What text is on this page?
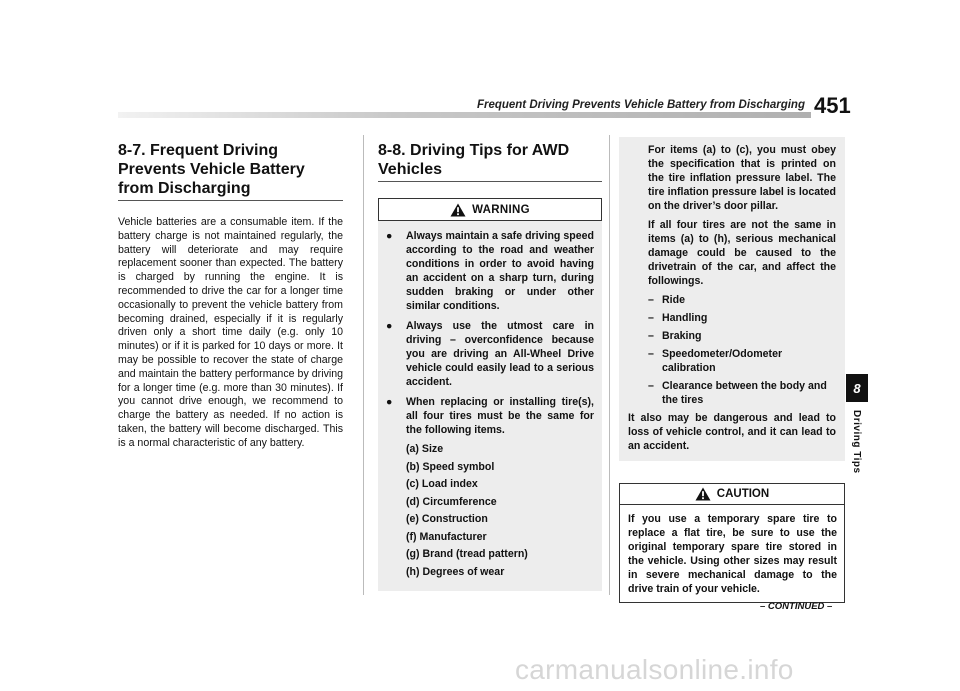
Frequent Driving Prevents Vehicle Battery from Discharging 451
8-7. Frequent Driving Prevents Vehicle Battery from Discharging
Vehicle batteries are a consumable item. If the battery charge is not maintained regularly, the battery will deteriorate and may require replacement sooner than expected. The battery is charged by running the engine. It is recommended to drive the car for a longer time occasionally to prevent the vehicle battery from becoming drained, especially if it is regularly driven only a short time daily (e.g. only 10 minutes) or if it is parked for 10 days or more. It may be possible to recover the state of charge and maintain the battery performance by driving for a longer time (e.g. more than 30 minutes). If you cannot drive enough, we recommend to charge the battery as needed. If no action is taken, the battery will become discharged. This is a normal characteristic of any battery.
8-8. Driving Tips for AWD Vehicles
WARNING
● Always maintain a safe driving speed according to the road and weather conditions in order to avoid having an accident on a sharp turn, during sudden braking or under other similar conditions.
● Always use the utmost care in driving – overconfidence because you are driving an All-Wheel Drive vehicle could easily lead to a serious accident.
● When replacing or installing tire(s), all four tires must be the same for the following items.
(a) Size
(b) Speed symbol
(c) Load index
(d) Circumference
(e) Construction
(f) Manufacturer
(g) Brand (tread pattern)
(h) Degrees of wear
For items (a) to (c), you must obey the specification that is printed on the tire inflation pressure label. The tire inflation pressure label is located on the driver’s door pillar.
If all four tires are not the same in items (a) to (h), serious mechanical damage could be caused to the drivetrain of the car, and affect the followings.
– Ride
– Handling
– Braking
– Speedometer/Odometer calibration
– Clearance between the body and the tires
It also may be dangerous and lead to loss of vehicle control, and it can lead to an accident.
CAUTION
If you use a temporary spare tire to replace a flat tire, be sure to use the original temporary spare tire stored in the vehicle. Using other sizes may result in severe mechanical damage to the drive train of your vehicle.
– CONTINUED –
8
Driving Tips
carmanualsonline.info
